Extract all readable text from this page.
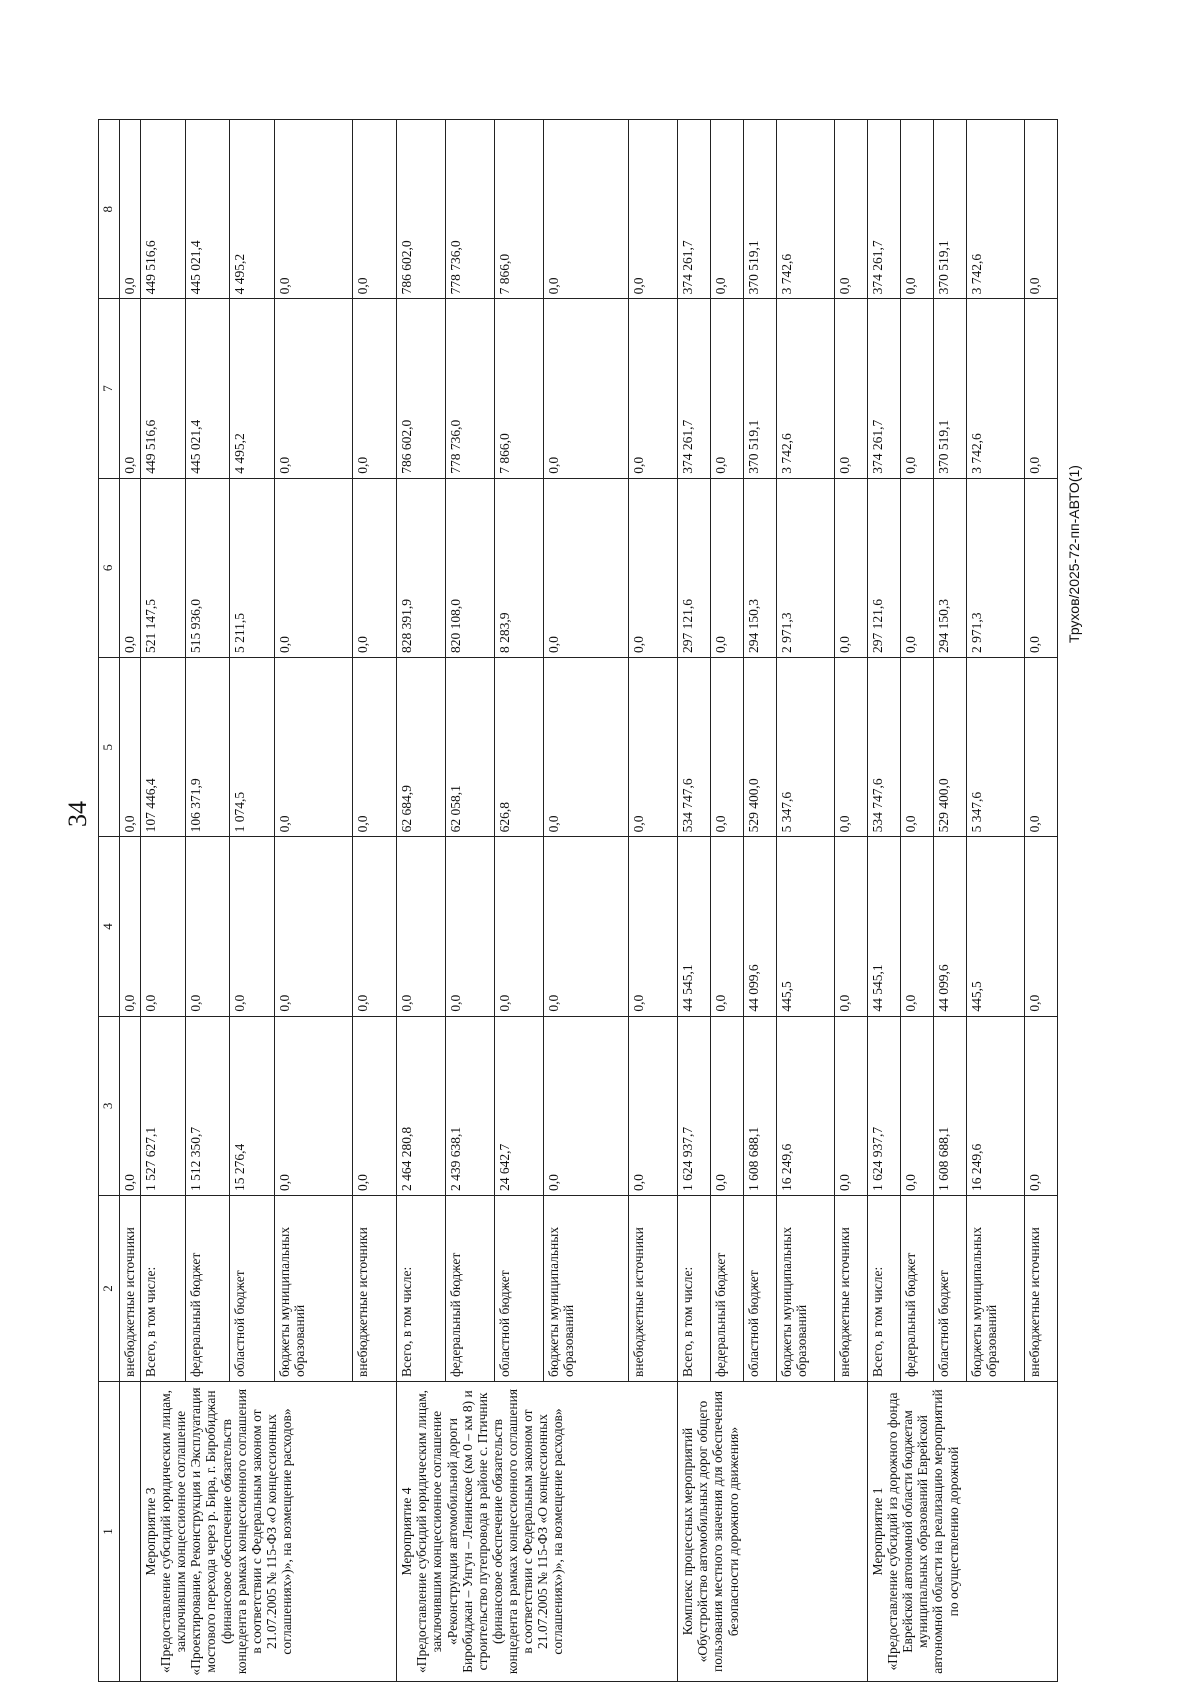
34
Трухов/2025-72-пп-АВТО(1)
1	2	3	4	5	6	7	8
	внебюджетные источники	0,0	0,0	0,0	0,0	0,0	0,0
Мероприятие 3
«Предоставление субсидий юридическим лицам, заключившим концессионное соглашение «Проектирование, Реконструкция и Эксплуатация мостового перехода через р. Бира, г. Биробиджан (финансовое обеспечение обязательств концедента в рамках концессионного соглашения в соответствии с Федеральным законом от 21.07.2005 № 115-ФЗ «О концессионных соглашениях»)», на возмещение расходов»	Всего, в том числе:	1 527 627,1	0,0	107 446,4	521 147,5	449 516,6	449 516,6
	федеральный бюджет	1 512 350,7	0,0	106 371,9	515 936,0	445 021,4	445 021,4
	областной бюджет	15 276,4	0,0	1 074,5	5 211,5	4 495,2	4 495,2
	бюджеты муниципальных образований	0,0	0,0	0,0	0,0	0,0	0,0
	внебюджетные источники	0,0	0,0	0,0	0,0	0,0	0,0
Мероприятие 4
«Предоставление субсидий юридическим лицам, заключившим концессионное соглашение «Реконструкция автомобильной дороги Биробиджан – Унгун – Ленинское (км 0 – км 8) и строительство путепровода в районе с. Птичник (финансовое обеспечение обязательств концедента в рамках концессионного соглашения в соответствии с Федеральным законом от 21.07.2005 № 115-ФЗ «О концессионных соглашениях»)», на возмещение расходов»	Всего, в том числе:	2 464 280,8	0,0	62 684,9	828 391,9	786 602,0	786 602,0
	федеральный бюджет	2 439 638,1	0,0	62 058,1	820 108,0	778 736,0	778 736,0
	областной бюджет	24 642,7	0,0	626,8	8 283,9	7 866,0	7 866,0
	бюджеты муниципальных образований	0,0	0,0	0,0	0,0	0,0	0,0
	внебюджетные источники	0,0	0,0	0,0	0,0	0,0	0,0
Комплекс процессных мероприятий «Обустройство автомобильных дорог общего пользования местного значения для обеспечения безопасности дорожного движения»	Всего, в том числе:	1 624 937,7	44 545,1	534 747,6	297 121,6	374 261,7	374 261,7
	федеральный бюджет	0,0	0,0	0,0	0,0	0,0	0,0
	областной бюджет	1 608 688,1	44 099,6	529 400,0	294 150,3	370 519,1	370 519,1
	бюджеты муниципальных образований	16 249,6	445,5	5 347,6	2 971,3	3 742,6	3 742,6
	внебюджетные источники	0,0	0,0	0,0	0,0	0,0	0,0
Мероприятие 1
«Предоставление субсидий из дорожного фонда Еврейской автономной области бюджетам муниципальных образований Еврейской автономной области на реализацию мероприятий по осуществлению дорожной	Всего, в том числе:	1 624 937,7	44 545,1	534 747,6	297 121,6	374 261,7	374 261,7
	федеральный бюджет	0,0	0,0	0,0	0,0	0,0	0,0
	областной бюджет	1 608 688,1	44 099,6	529 400,0	294 150,3	370 519,1	370 519,1
	бюджеты муниципальных образований	16 249,6	445,5	5 347,6	2 971,3	3 742,6	3 742,6
	внебюджетные источники	0,0	0,0	0,0	0,0	0,0	0,0
